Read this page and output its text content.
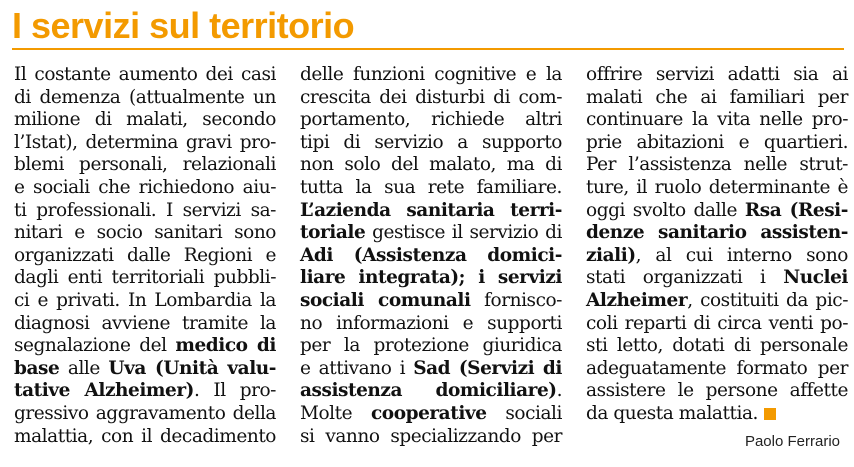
I servizi sul territorio
Il costante aumento dei casi
di demenza (attualmente un
milione di malati, secondo
l’Istat), determina gravi pro-
blemi personali, relazionali
e sociali che richiedono aiu-
ti professionali. I servizi sa-
nitari e socio sanitari sono
organizzati dalle Regioni e
dagli enti territoriali pubbli-
ci e privati. In Lombardia la
diagnosi avviene tramite la
segnalazione del medico di
base alle Uva (Unità valu-
tative Alzheimer). Il pro-
gressivo aggravamento della
malattia, con il decadimento
delle funzioni cognitive e la
crescita dei disturbi di com-
portamento, richiede altri
tipi di servizio a supporto
non solo del malato, ma di
tutta la sua rete familiare.
L’azienda sanitaria terri-
toriale gestisce il servizio di
Adi (Assistenza domici-
liare integrata); i servizi
sociali comunali fornisco-
no informazioni e supporti
per la protezione giuridica
e attivano i Sad (Servizi di
assistenza domiciliare).
Molte cooperative sociali
si vanno specializzando per
offrire servizi adatti sia ai
malati che ai familiari per
continuare la vita nelle pro-
prie abitazioni e quartieri.
Per l’assistenza nelle strut-
ture, il ruolo determinante è
oggi svolto dalle Rsa (Resi-
denze sanitario assisten-
ziali), al cui interno sono
stati organizzati i Nuclei
Alzheimer, costituiti da pic-
coli reparti di circa venti po-
sti letto, dotati di personale
adeguatamente formato per
assistere le persone affette
da questa malattia.
Paolo Ferrario
